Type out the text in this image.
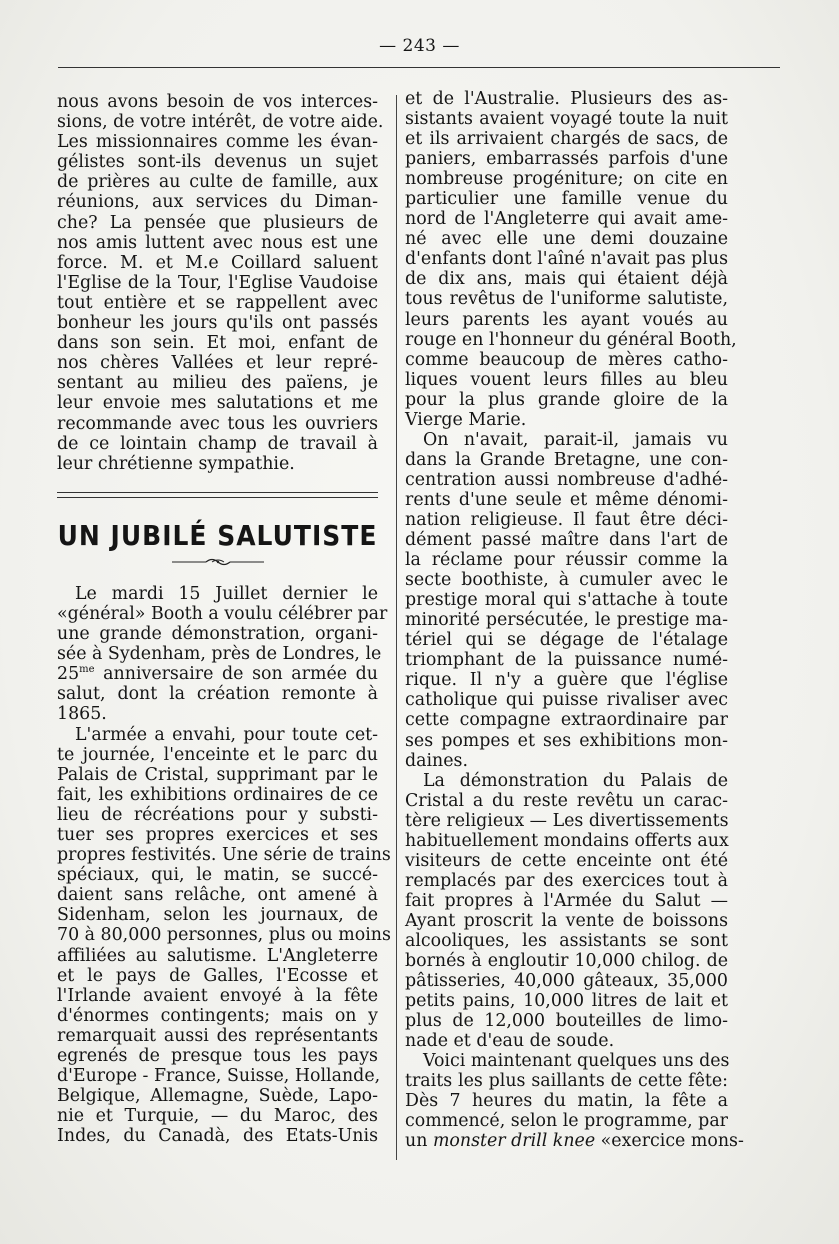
— 243 —

nous avons besoin de vos interces-
sions, de votre intérêt, de votre aide.
Les missionnaires comme les évan-
gélistes sont-ils devenus un sujet
de prières au culte de famille, aux
réunions, aux services du Diman-
che? La pensée que plusieurs de
nos amis luttent avec nous est une
force. M. et M.e Coillard saluent
l'Eglise de la Tour, l'Eglise Vaudoise
tout entière et se rappellent avec
bonheur les jours qu'ils ont passés
dans son sein. Et moi, enfant de
nos chères Vallées et leur repré-
sentant au milieu des païens, je
leur envoie mes salutations et me
recommande avec tous les ouvriers
de ce lointain champ de travail à
leur chrétienne sympathie.

UN JUBILÉ SALUTISTE

Le mardi 15 Juillet dernier le
«général» Booth a voulu célébrer par
une grande démonstration, organi-
sée à Sydenham, près de Londres, le
$25^{me}$ anniversaire de son armée du
salut, dont la création remonte à
1865.

L'armée a envahi, pour toute cet-
te journée, l'enceinte et le parc du
Palais de Cristal, supprimant par le
fait, les exhibitions ordinaires de ce
lieu de récréations pour y substi-
tuer ses propres exercices et ses
propres festivités. Une série de trains
spéciaux, qui, le matin, se succé-
daient sans relâche, ont amené à
Sidenham, selon les journaux, de
70 à 80,000 personnes, plus ou moins
affiliées au salutisme. L'Angleterre
et le pays de Galles, l'Ecosse et
l'Irlande avaient envoyé à la fête
d'énormes contingents; mais on y
remarquait aussi des représentants
egrenés de presque tous les pays
d'Europe - France, Suisse, Hollande,
Belgique, Allemagne, Suède, Lapo-
nie et Turquie, — du Maroc, des
Indes, du Canadà, des Etats-Unis

et de l'Australie. Plusieurs des as-
sistants avaient voyagé toute la nuit
et ils arrivaient chargés de sacs, de
paniers, embarrassés parfois d'une
nombreuse progéniture; on cite en
particulier une famille venue du
nord de l'Angleterre qui avait ame-
né avec elle une demi douzaine
d'enfants dont l'aîné n'avait pas plus
de dix ans, mais qui étaient déjà
tous revêtus de l'uniforme salutiste,
leurs parents les ayant voués au
rouge en l'honneur du général Booth,
comme beaucoup de mères catho-
liques vouent leurs filles au bleu
pour la plus grande gloire de la
Vierge Marie.

On n'avait, parait-il, jamais vu
dans la Grande Bretagne, une con-
centration aussi nombreuse d'adhé-
rents d'une seule et même dénomi-
nation religieuse. Il faut être déci-
dément passé maître dans l'art de
la réclame pour réussir comme la
secte boothiste, à cumuler avec le
prestige moral qui s'attache à toute
minorité persécutée, le prestige ma-
tériel qui se dégage de l'étalage
triomphant de la puissance numé-
rique. Il n'y a guère que l'église
catholique qui puisse rivaliser avec
cette compagne extraordinaire par
ses pompes et ses exhibitions mon-
daines.

La démonstration du Palais de
Cristal a du reste revêtu un carac-
tère religieux — Les divertissements
habituellement mondains offerts aux
visiteurs de cette enceinte ont été
remplacés par des exercices tout à
fait propres à l'Armée du Salut —
Ayant proscrit la vente de boissons
alcooliques, les assistants se sont
bornés à engloutir 10,000 chilog. de
pâtisseries, 40,000 gâteaux, 35,000
petits pains, 10,000 litres de lait et
plus de 12,000 bouteilles de limo-
nade et d'eau de soude.

Voici maintenant quelques uns des
traits les plus saillants de cette fête:
Dès 7 heures du matin, la fête a
commencé, selon le programme, par
un monster drill knee «exercice mons-
